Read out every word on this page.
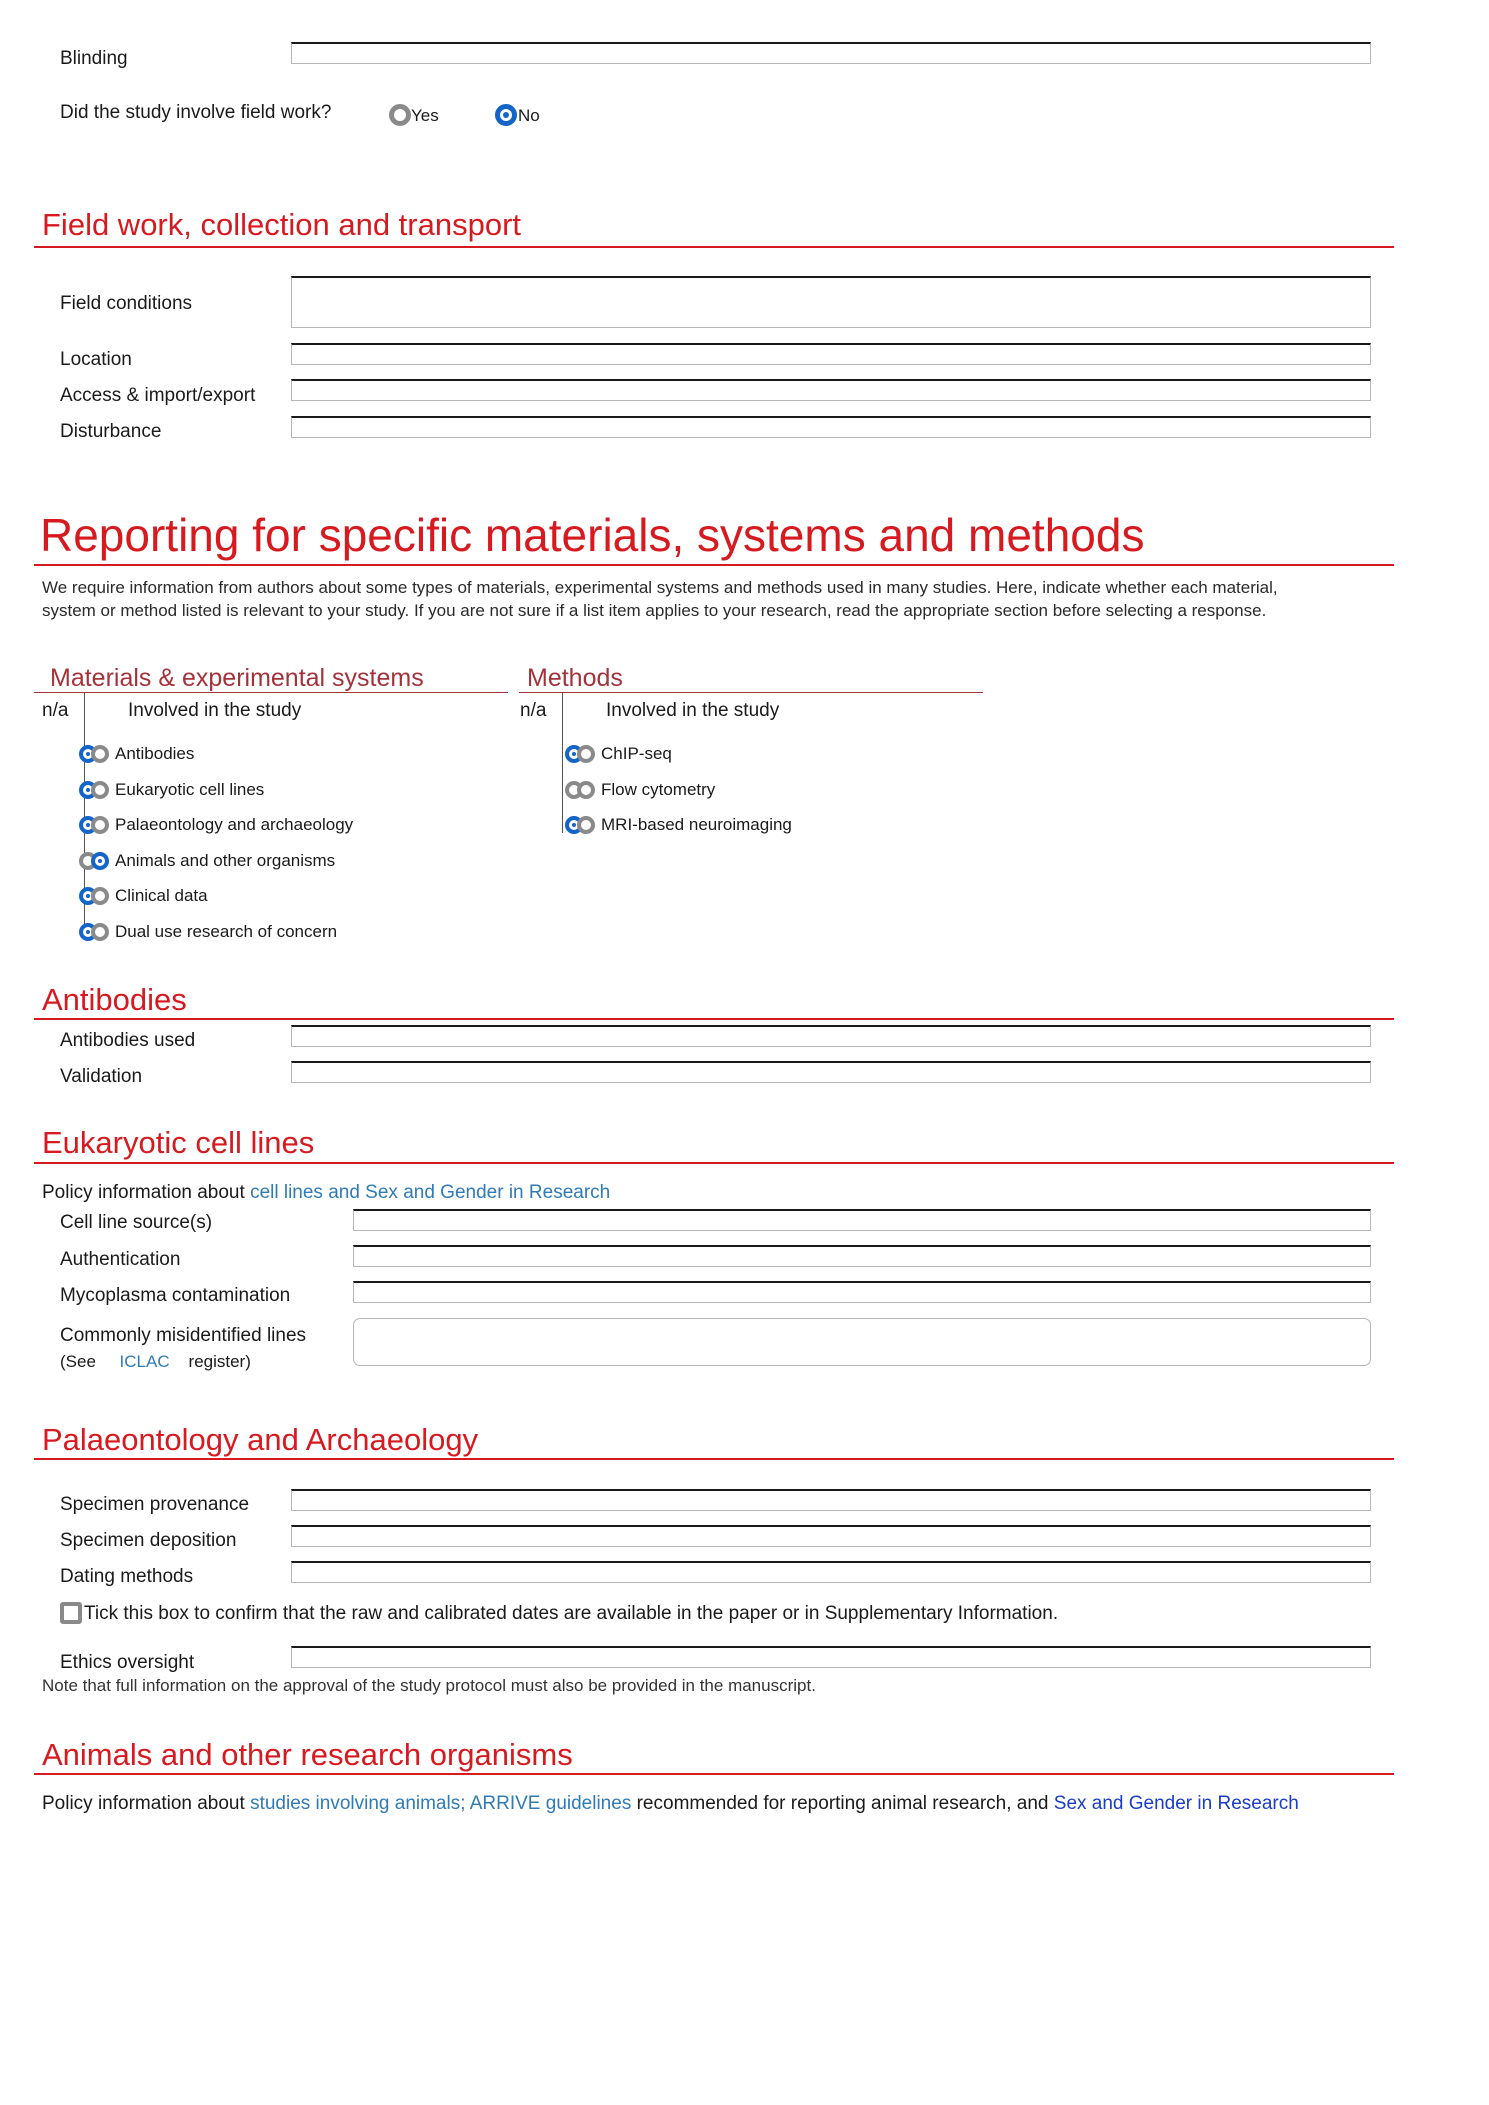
Blinding
Did the study involve field work?	Yes	No
Field work, collection and transport
Field conditions
Location
Access & import/export
Disturbance
Reporting for specific materials, systems and methods
We require information from authors about some types of materials, experimental systems and methods used in many studies. Here, indicate whether each material,
system or method listed is relevant to your study. If you are not sure if a list item applies to your research, read the appropriate section before selecting a response.
Materials & experimental systems
n/a	Involved in the study
Antibodies
Eukaryotic cell lines
Palaeontology and archaeology
Animals and other organisms
Clinical data
Dual use research of concern
Methods
n/a	Involved in the study
ChIP-seq
Flow cytometry
MRI-based neuroimaging
Antibodies
Antibodies used
Validation
Eukaryotic cell lines
Policy information about cell lines and Sex and Gender in Research
Cell line source(s)
Authentication
Mycoplasma contamination
Commonly misidentified lines
(See ICLAC register)
Palaeontology and Archaeology
Specimen provenance
Specimen deposition
Dating methods
Tick this box to confirm that the raw and calibrated dates are available in the paper or in Supplementary Information.
Ethics oversight
Note that full information on the approval of the study protocol must also be provided in the manuscript.
Animals and other research organisms
Policy information about studies involving animals; ARRIVE guidelines recommended for reporting animal research, and Sex and Gender in Research
